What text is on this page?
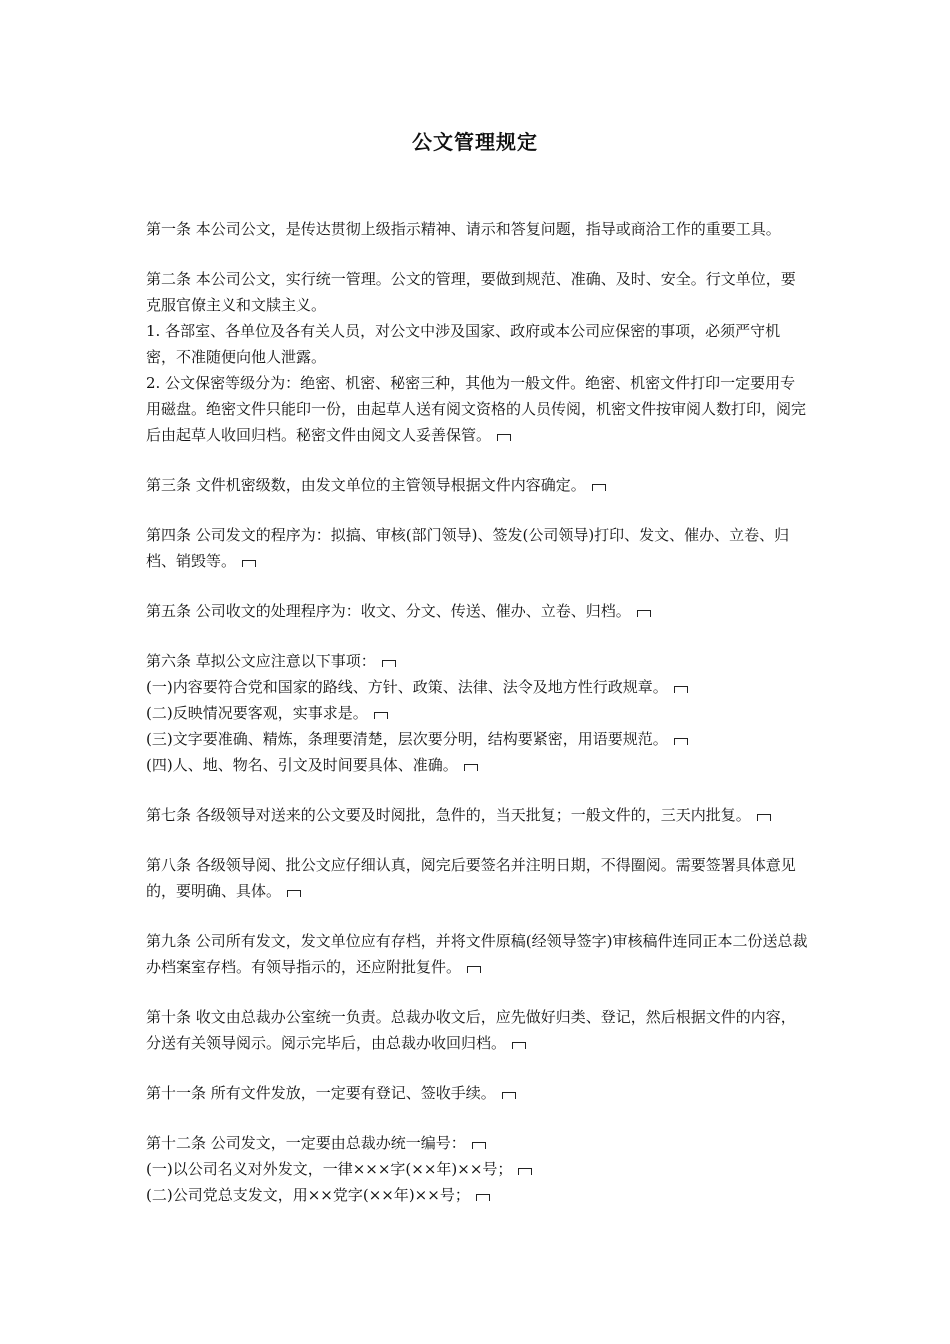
公文管理规定

第一条 本公司公文，是传达贯彻上级指示精神、请示和答复问题，指导或商洽工作的重要工具。

第二条 本公司公文，实行统一管理。公文的管理，要做到规范、准确、及时、安全。行文单位，要克服官僚主义和文牍主义。

1. 各部室、各单位及各有关人员，对公文中涉及国家、政府或本公司应保密的事项，必须严守机密，不准随便向他人泄露。

2. 公文保密等级分为：绝密、机密、秘密三种，其他为一般文件。绝密、机密文件打印一定要用专用磁盘。绝密文件只能印一份，由起草人送有阅文资格的人员传阅，机密文件按审阅人数打印，阅完后由起草人收回归档。秘密文件由阅文人妥善保管。

第三条 文件机密级数，由发文单位的主管领导根据文件内容确定。

第四条 公司发文的程序为：拟搞、审核(部门领导)、签发(公司领导)打印、发文、催办、立卷、归档、销毁等。

第五条 公司收文的处理程序为：收文、分文、传送、催办、立卷、归档。

第六条 草拟公文应注意以下事项：

(一)内容要符合党和国家的路线、方针、政策、法律、法令及地方性行政规章。

(二)反映情况要客观，实事求是。

(三)文字要准确、精炼，条理要清楚，层次要分明，结构要紧密，用语要规范。

(四)人、地、物名、引文及时间要具体、准确。

第七条 各级领导对送来的公文要及时阅批，急件的，当天批复；一般文件的，三天内批复。

第八条 各级领导阅、批公文应仔细认真，阅完后要签名并注明日期，不得圈阅。需要签署具体意见的，要明确、具体。

第九条 公司所有发文，发文单位应有存档，并将文件原稿(经领导签字)审核稿件连同正本二份送总裁办档案室存档。有领导指示的，还应附批复件。

第十条 收文由总裁办公室统一负责。总裁办收文后，应先做好归类、登记，然后根据文件的内容，分送有关领导阅示。阅示完毕后，由总裁办收回归档。

第十一条 所有文件发放，一定要有登记、签收手续。

第十二条 公司发文，一定要由总裁办统一编号：

(一)以公司名义对外发文，一律×××字(××年)××号；

(二)公司党总支发文，用××党字(××年)××号；
